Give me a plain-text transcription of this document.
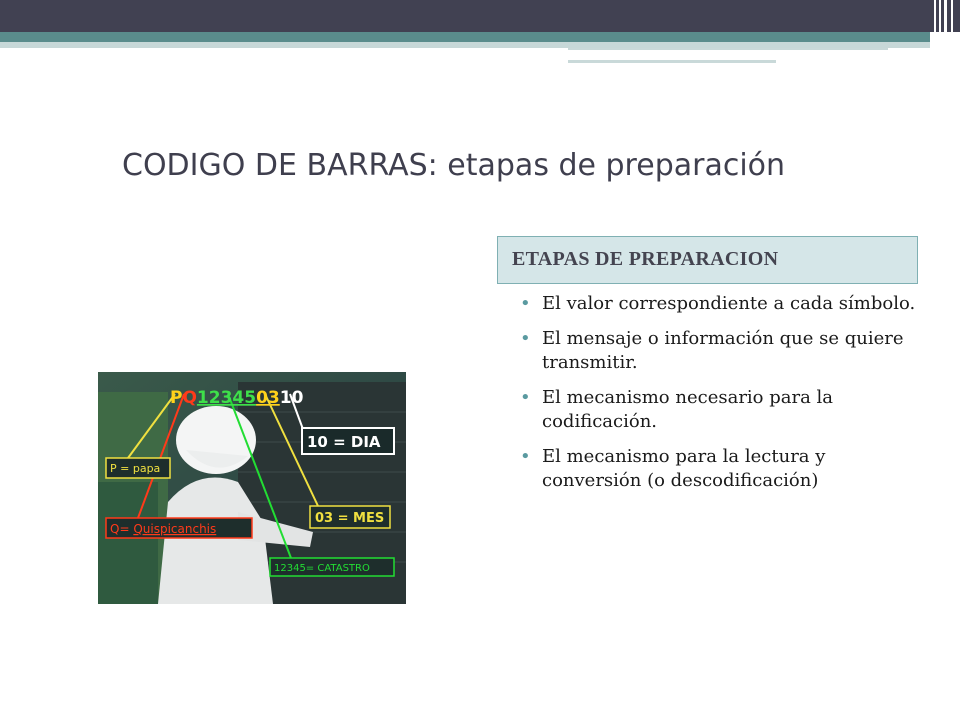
CODIGO DE BARRAS: etapas de preparación
ETAPAS DE PREPARACION
• El valor correspondiente a cada símbolo.
• El mensaje o información que se quiere transmitir.
• El mecanismo necesario para la codificación.
• El mecanismo para la lectura y conversión (o descodificación)
PQ123450310
10 = DIA
P = papa
Q= Quispicanchis
03 = MES
12345= CATASTRO
